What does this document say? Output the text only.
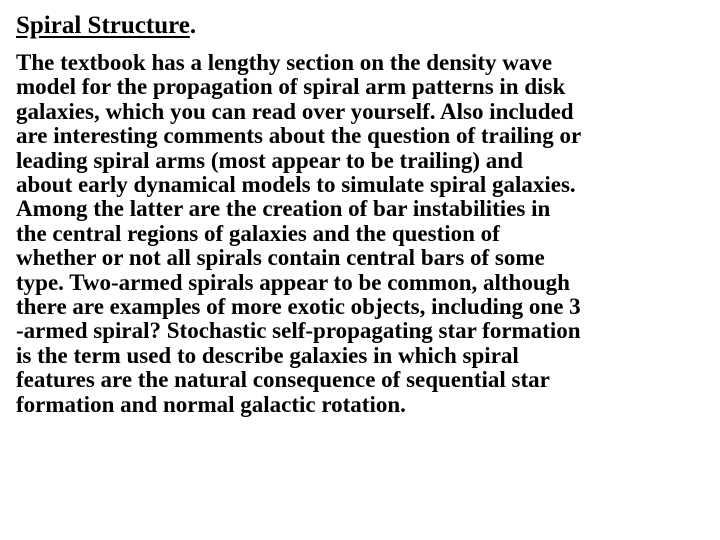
Spiral Structure.

The textbook has a lengthy section on the density wave
model for the propagation of spiral arm patterns in disk
galaxies, which you can read over yourself. Also included
are interesting comments about the question of trailing or
leading spiral arms (most appear to be trailing) and
about early dynamical models to simulate spiral galaxies.
Among the latter are the creation of bar instabilities in
the central regions of galaxies and the question of
whether or not all spirals contain central bars of some
type. Two-armed spirals appear to be common, although
there are examples of more exotic objects, including one 3
-armed spiral? Stochastic self-propagating star formation
is the term used to describe galaxies in which spiral
features are the natural consequence of sequential star
formation and normal galactic rotation.
